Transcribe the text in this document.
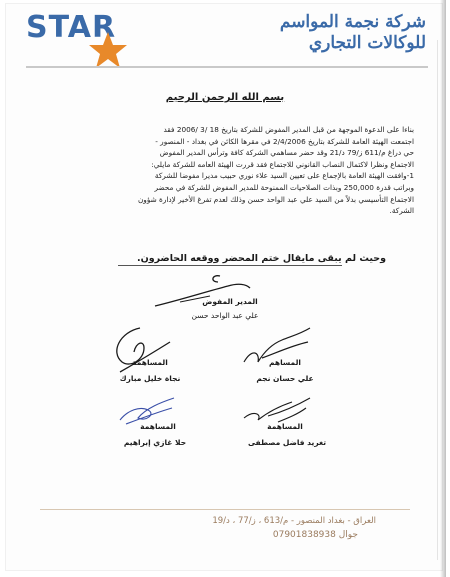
STAR	شركة نجمة المواسم
للوكالات التجاري
بسم الله الرحمن الرحيم

بناءا على الدعوة الموجهة من قبل المدير المفوض للشركة بتاريخ 18 /3 /2006 فقد

اجتمعت الهيئة العامة للشركة بتاريخ 2/4/2006 في مقرها الكائن في بغداد - المنصور -

حي دراغ م/611 ز/79 د/21 وقد حضر مساهمي الشركة كافة وترأس المدير المفوض

الاجتماع ونظرا لاكتمال النصاب القانوني للاجتماع فقد قررت الهيئة العامه للشركة مايلي:

1-وافقت الهيئة العامة بالإجماع على تعيين السيد علاء نوري حبيب مديرا مفوضا للشركة

وبراتب قدرة 250,000 وبذات الصلاحيات الممنوحة للمدير المفوض للشركة في محضر

الاجتماع التأسيسي بدلاً من السيد علي عبد الواحد حسن وذلك لعدم تفرغ الأخير لإدارة شؤون

الشركة.

وحيث لم يبقى مايقال ختم المحضر ووقعه الحاضرون.
المدير المفوض
علي عبد الواحد حسن
المساهم
علي حسان نجم
المساهمة
نجاة خليل مبارك
المساهمة
تغريد فاضل مصطفى
المساهمة
حلا غازي إبراهيم
العراق - بغداد المنصور - م/613 ، ز/77 ، د/19
جوال 07901838938
